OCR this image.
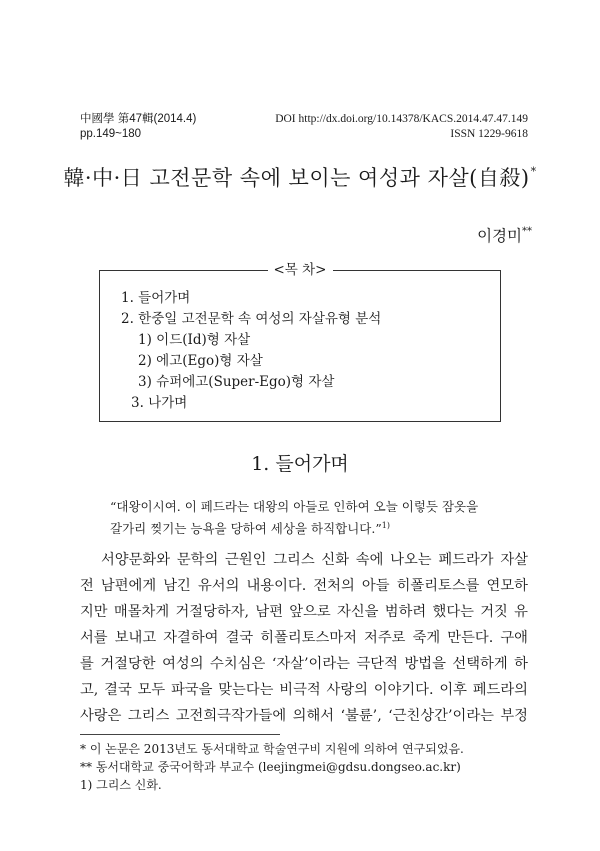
中國學 第47輯(2014.4)
pp.149~180
DOI http://dx.doi.org/10.14378/KACS.2014.47.47.149
ISSN 1229-9618
韓·中·日 고전문학 속에 보이는 여성과 자살(自殺)*
이경미**
<목 차>
1. 들어가며
2. 한중일 고전문학 속 여성의 자살유형 분석
1) 이드(Id)형 자살
2) 에고(Ego)형 자살
3) 슈퍼에고(Super-Ego)형 자살
3. 나가며
1. 들어가며
“대왕이시여. 이 페드라는 대왕의 아들로 인하여 오늘 이렇듯 잠옷을
갈가리 찢기는 능욕을 당하여 세상을 하직합니다.”$^{1)}$
서양문화와 문학의 근원인 그리스 신화 속에 나오는 페드라가 자살
전 남편에게 남긴 유서의 내용이다. 전처의 아들 히폴리토스를 연모하
지만 매몰차게 거절당하자, 남편 앞으로 자신을 범하려 했다는 거짓 유
서를 보내고 자결하여 결국 히폴리토스마저 저주로 죽게 만든다. 구애
를 거절당한 여성의 수치심은 ‘자살’이라는 극단적 방법을 선택하게 하
고, 결국 모두 파국을 맞는다는 비극적 사랑의 이야기다. 이후 페드라의
사랑은 그리스 고전희극작가들에 의해서 ‘불륜’, ‘근친상간’이라는 부정
* 이 논문은 2013년도 동서대학교 학술연구비 지원에 의하여 연구되었음.
** 동서대학교 중국어학과 부교수 (leejingmei@gdsu.dongseo.ac.kr)
1) 그리스 신화.
